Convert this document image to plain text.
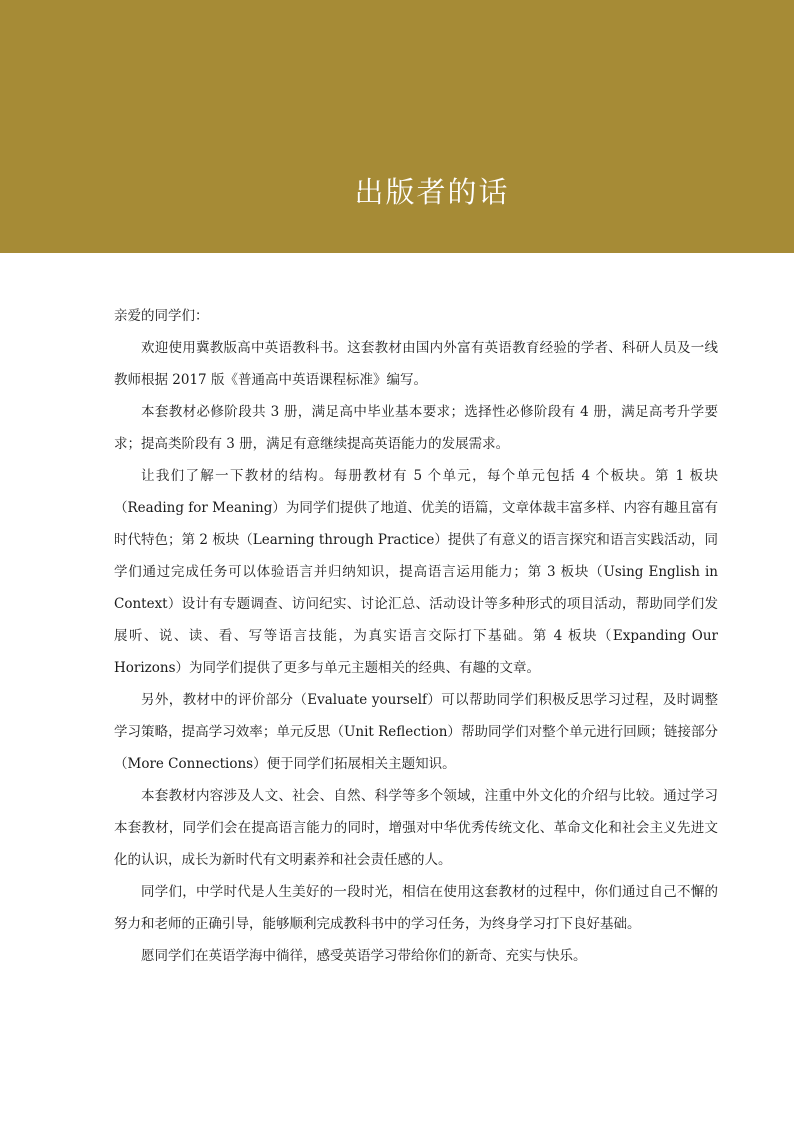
出版者的话

亲爱的同学们：

欢迎使用冀教版高中英语教科书。这套教材由国内外富有英语教育经验的学者、科研人员及一线教师根据 2017 版《普通高中英语课程标准》编写。

本套教材必修阶段共 3 册，满足高中毕业基本要求；选择性必修阶段有 4 册，满足高考升学要求；提高类阶段有 3 册，满足有意继续提高英语能力的发展需求。

让我们了解一下教材的结构。每册教材有 5 个单元，每个单元包括 4 个板块。第 1 板块（Reading for Meaning）为同学们提供了地道、优美的语篇，文章体裁丰富多样、内容有趣且富有时代特色；第 2 板块（Learning through Practice）提供了有意义的语言探究和语言实践活动，同学们通过完成任务可以体验语言并归纳知识，提高语言运用能力；第 3 板块（Using English in Context）设计有专题调查、访问纪实、讨论汇总、活动设计等多种形式的项目活动，帮助同学们发展听、说、读、看、写等语言技能，为真实语言交际打下基础。第 4 板块（Expanding Our Horizons）为同学们提供了更多与单元主题相关的经典、有趣的文章。

另外，教材中的评价部分（Evaluate yourself）可以帮助同学们积极反思学习过程，及时调整学习策略，提高学习效率；单元反思（Unit Reflection）帮助同学们对整个单元进行回顾；链接部分（More Connections）便于同学们拓展相关主题知识。

本套教材内容涉及人文、社会、自然、科学等多个领域，注重中外文化的介绍与比较。通过学习本套教材，同学们会在提高语言能力的同时，增强对中华优秀传统文化、革命文化和社会主义先进文化的认识，成长为新时代有文明素养和社会责任感的人。

同学们，中学时代是人生美好的一段时光，相信在使用这套教材的过程中，你们通过自己不懈的努力和老师的正确引导，能够顺利完成教科书中的学习任务，为终身学习打下良好基础。

愿同学们在英语学海中徜徉，感受英语学习带给你们的新奇、充实与快乐。
